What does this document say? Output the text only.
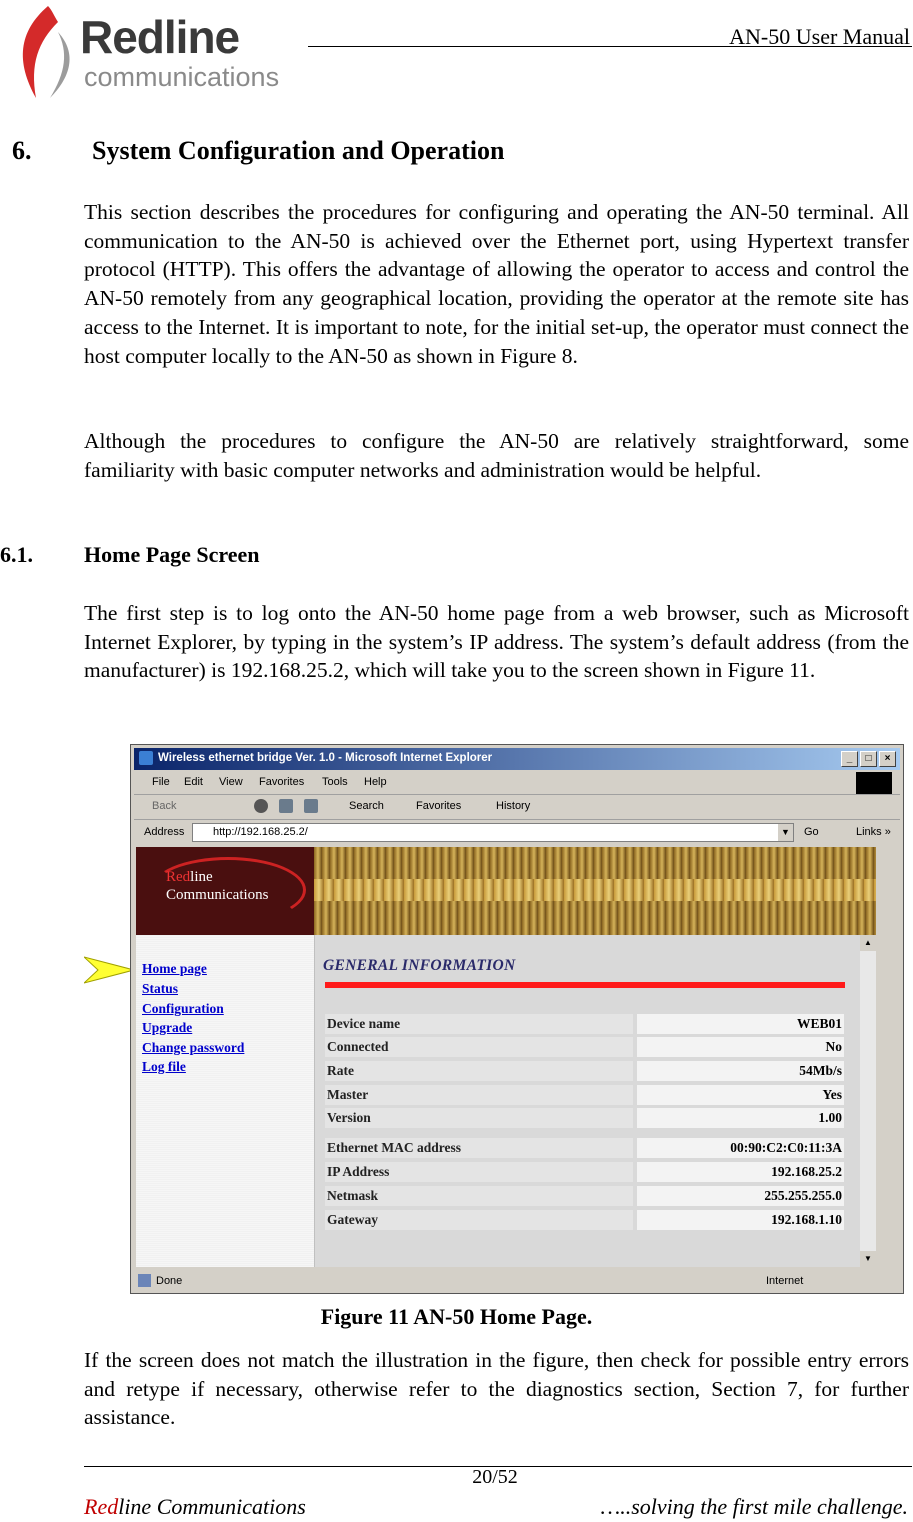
Redline
communications
AN-50 User Manual
6. System Configuration and Operation

This section describes the procedures for configuring and operating the AN-50 terminal. All communication to the AN-50 is achieved over the Ethernet port, using Hypertext transfer protocol (HTTP). This offers the advantage of allowing the operator to access and control the AN-50 remotely from any geographical location, providing the operator at the remote site has access to the Internet. It is important to note, for the initial set-up, the operator must connect the host computer locally to the AN-50 as shown in Figure 8.

Although the procedures to configure the AN-50 are relatively straightforward, some familiarity with basic computer networks and administration would be helpful.

6.1. Home Page Screen

The first step is to log onto the AN-50 home page from a web browser, such as Microsoft Internet Explorer, by typing in the system’s IP address. The system’s default address (from the manufacturer) is 192.168.25.2, which will take you to the screen shown in Figure 11.

Wireless ethernet bridge Ver. 1.0 - Microsoft Internet Explorer	_ □ ×
File Edit View Favorites Tools Help
Back	Search	Favorites	History
Address	http://192.168.25.2/	▼ Go	Links »
Redline
Communications
Home page
Status
Configuration
Upgrade
Change password
Log file
GENERAL INFORMATION
Device name	WEB01
Connected	No
Rate	54Mb/s
Master	Yes
Version	1.00
Ethernet MAC address	00:90:C2:C0:11:3A
IP Address	192.168.25.2
Netmask	255.255.255.0
Gateway	192.168.1.10
▲
▼
Done	Internet
Figure 11 AN-50 Home Page.

If the screen does not match the illustration in the figure, then check for possible entry errors and retype if necessary, otherwise refer to the diagnostics section, Section 7, for further assistance.

20/52
Redline Communications	…..solving the first mile challenge.
